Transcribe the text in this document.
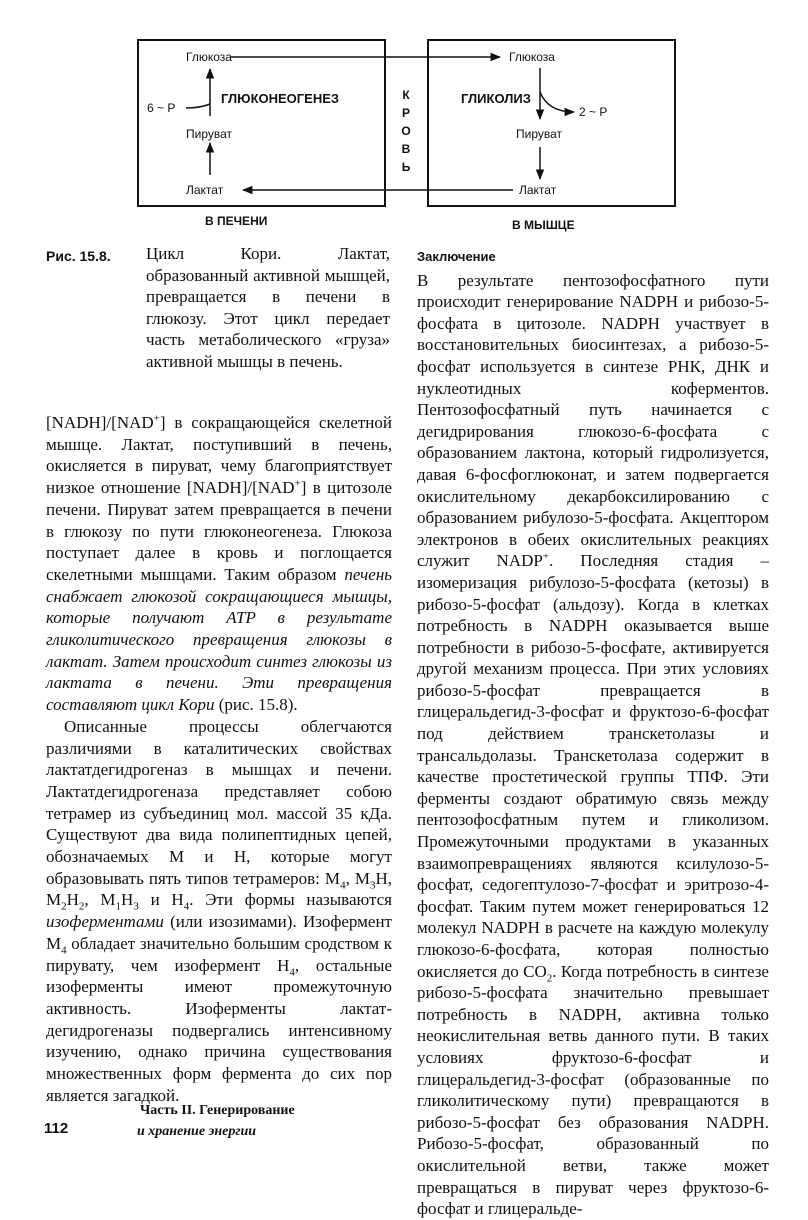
Глюкоза
ГЛЮКОНЕОГЕНЕЗ
6 ~ P
Пируват
Лактат
Глюкоза
ГЛИКОЛИЗ
2 ~ P
Пируват
Лактат
К
Р
О
В
Ь
В ПЕЧЕНИ	В МЫШЦЕ
Рис. 15.8. Цикл Кори. Лактат, образованный активной мышцей, превращается в печени в глюкозу. Этот цикл передает часть метаболического «груза» активной мышцы в печень.

[NADH]/[NAD+] в сокращающейся скелетной мышце. Лактат, поступивший в печень, окисляется в пируват, чему благоприятствует низкое отношение [NADH]/[NAD+] в цитозоле печени. Пируват затем превращается в печени в глюкозу по пути глюконеогенеза. Глюкоза поступает далее в кровь и поглощается скелетными мышцами. Таким образом печень снабжает глюкозой сокращающиеся мышцы, которые получают ATP в результате гликолитического превращения глюкозы в лактат. Затем происходит синтез глюкозы из лактата в печени. Эти превращения составляют цикл Кори (рис. 15.8).

Описанные процессы облегчаются различиями в каталитических свойствах лактатдегидрогеназ в мышцах и печени. Лактатдегидрогеназа представляет собою тетрамер из субъединиц мол. массой 35 кДа. Существуют два вида полипептидных цепей, обозначаемых М и Н, которые могут образовывать пять типов тетрамеров: $М_4$, $М_3Н$, $М_2Н_2$, $М_1Н_3$ и $Н_4$. Эти формы называются изоферментами (или изозимами). Изофермент $М_4$ обладает значительно большим сродством к пирувату, чем изофермент $Н_4$, остальные изоферменты имеют промежуточную активность. Изоферменты лактат-дегидрогеназы подвергались интенсивному изучению, однако причина существования множественных форм фермента до сих пор является загадкой.

Заключение

В результате пентозофосфатного пути происходит генерирование NADPH и рибозо-5-фосфата в цитозоле. NADPH участвует в восстановительных биосинтезах, а рибозо-5-фосфат используется в синтезе РНК, ДНК и нуклеотидных коферментов. Пентозофосфатный путь начинается с дегидрирования глюкозо-6-фосфата с образованием лактона, который гидролизуется, давая 6-фосфоглюконат, и затем подвергается окислительному декарбоксилированию с образованием рибулозо-5-фосфата. Акцептором электронов в обеих окислительных реакциях служит NADP+. Последняя стадия – изомеризация рибулозо-5-фосфата (кетозы) в рибозо-5-фосфат (альдозу). Когда в клетках потребность в NADPH оказывается выше потребности в рибозо-5-фосфате, активируется другой механизм процесса. При этих условиях рибозо-5-фосфат превращается в глицеральдегид-3-фосфат и фруктозо-6-фосфат под действием транскетолазы и трансальдолазы. Транскетолаза содержит в качестве простетической группы ТПФ. Эти ферменты создают обратимую связь между пентозофосфатным путем и гликолизом. Промежуточными продуктами в указанных взаимопревращениях являются ксилулозо-5-фосфат, седогептулозо-7-фосфат и эритрозо-4-фосфат. Таким путем может генерироваться 12 молекул NADPH в расчете на каждую молекулу глюкозо-6-фосфата, которая полностью окисляется до $СО_2$. Когда потребность в синтезе рибозо-5-фосфата значительно превышает потребность в NADPH, активна только неокислительная ветвь данного пути. В таких условиях фруктозо-6-фосфат и глицеральдегид-3-фосфат (образованные по гликолитическому пути) превращаются в рибозо-5-фосфат без образования NADPH. Рибозо-5-фосфат, образованный по окислительной ветви, также может превращаться в пируват через фруктозо-6-фосфат и глицеральде-

112
Часть II. Генерирование
и хранение энергии
